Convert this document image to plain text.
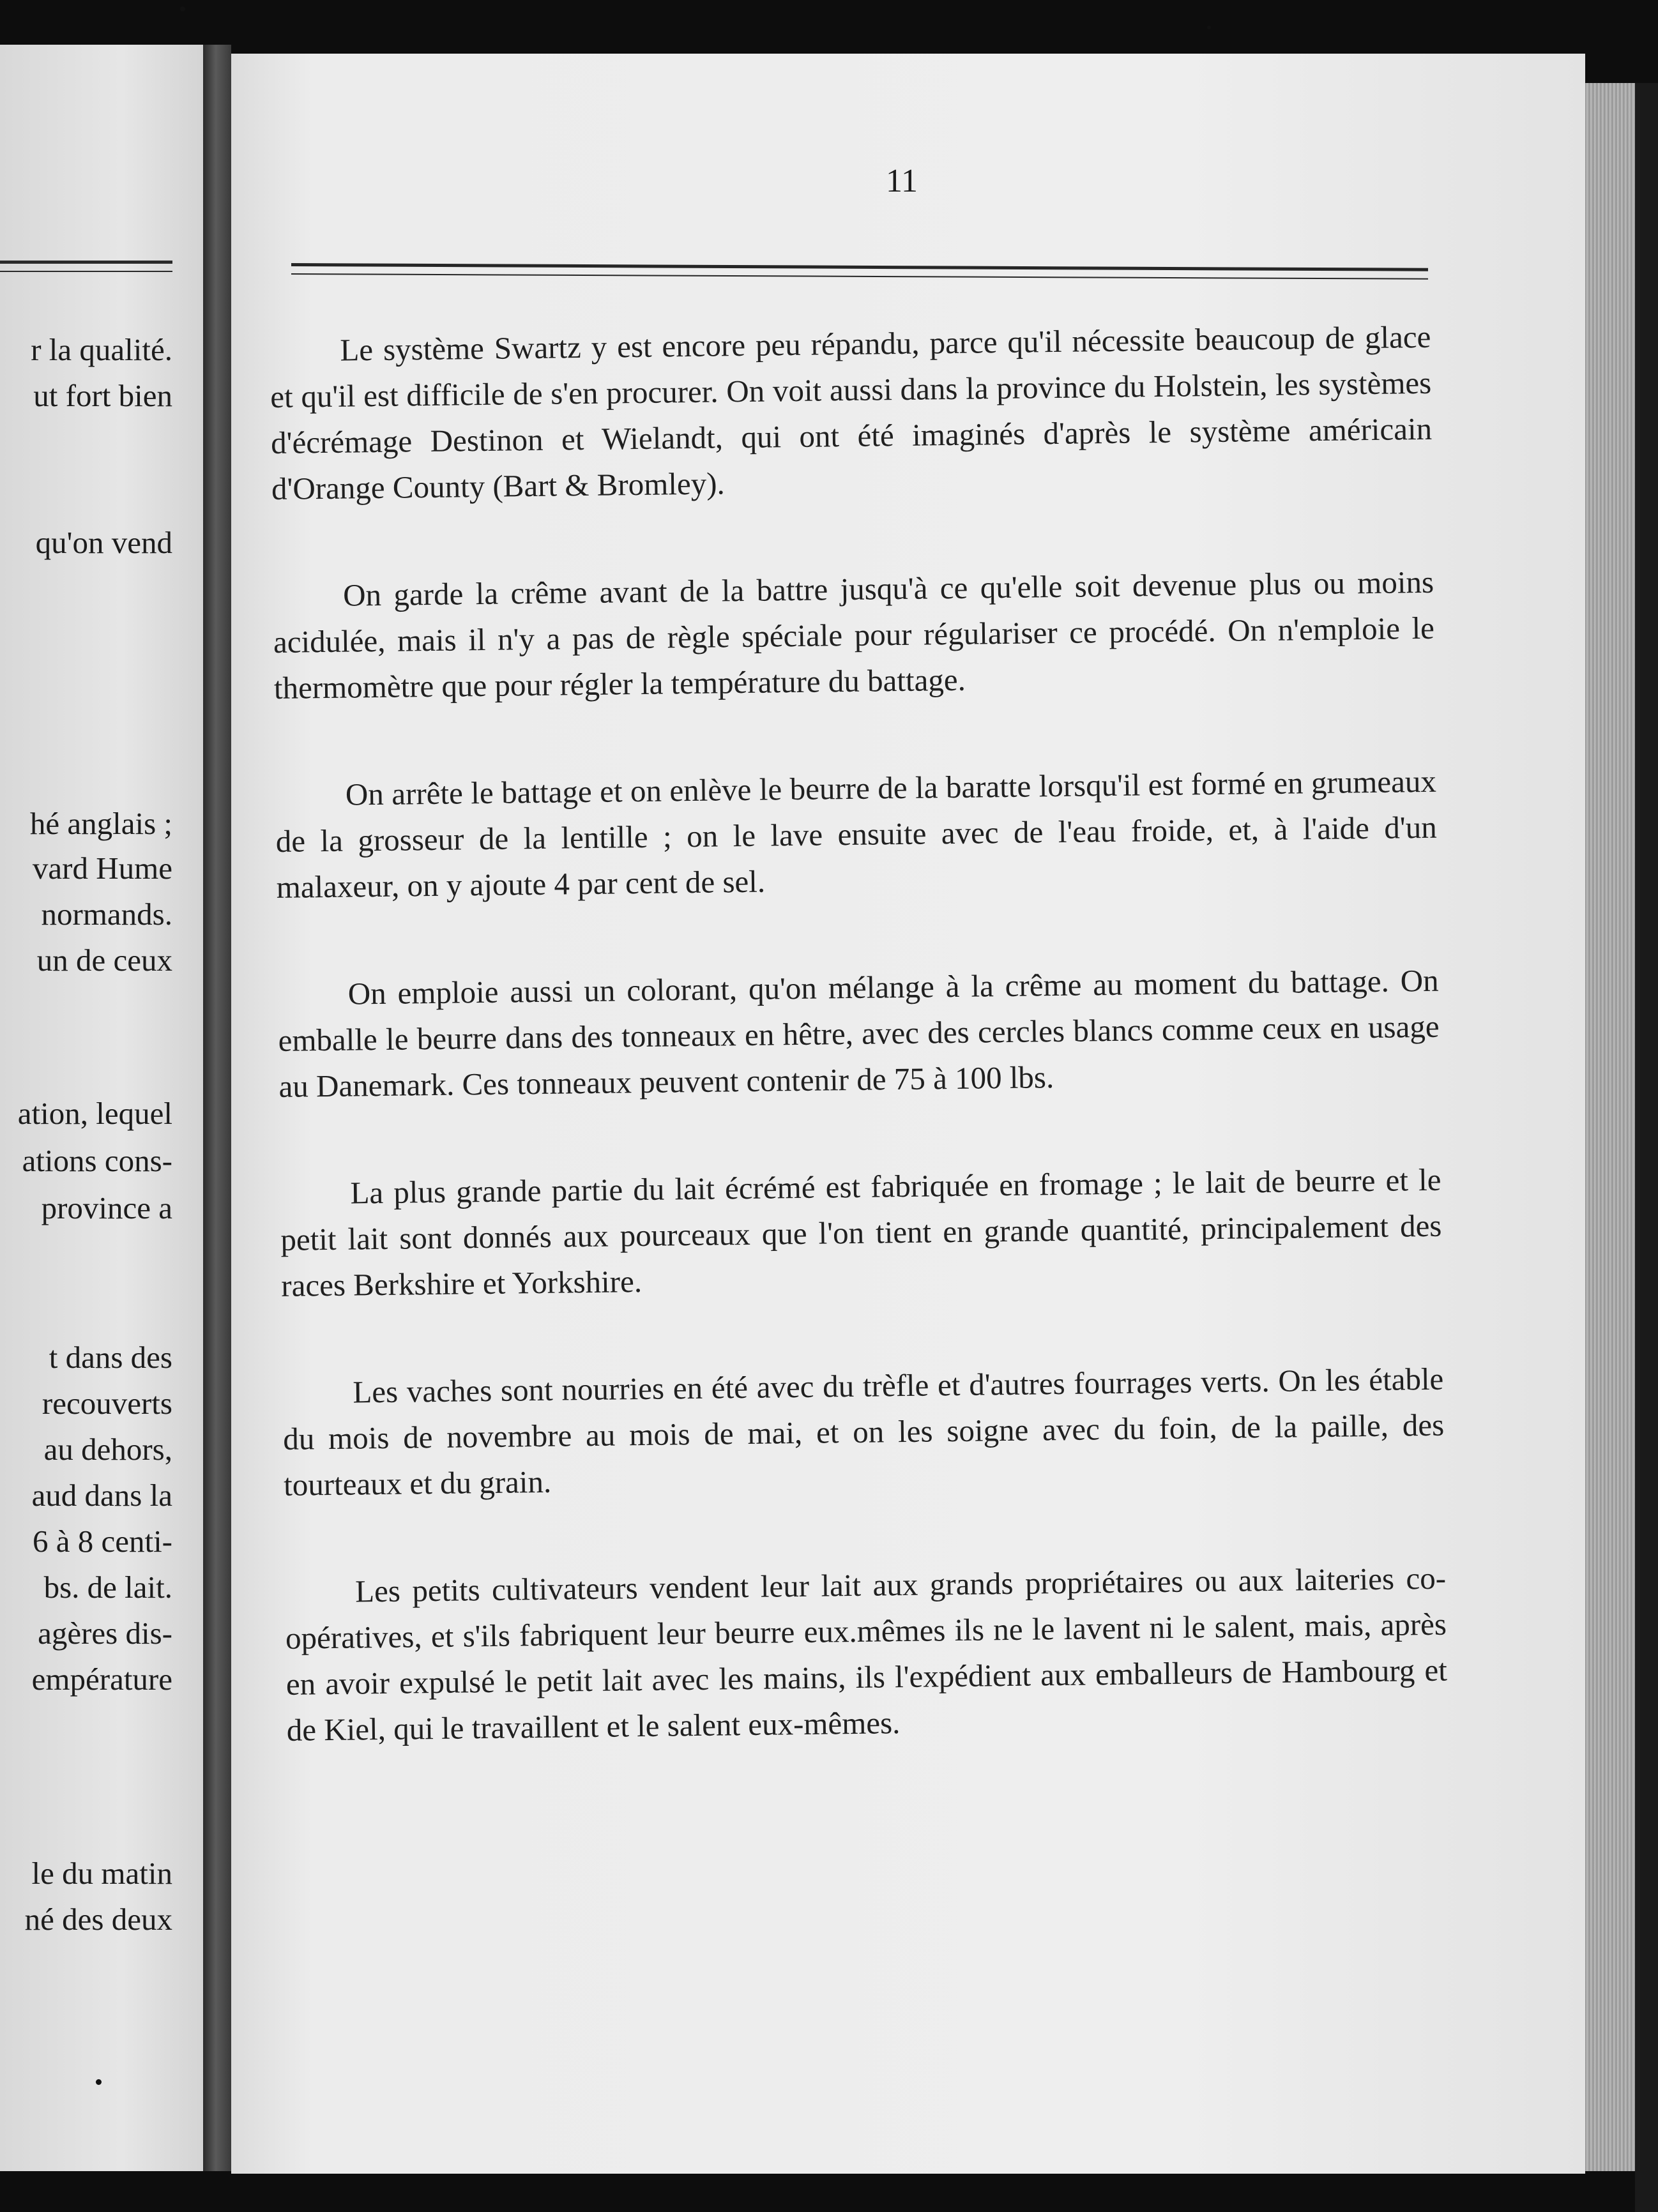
r la qualité.
ut fort bien
qu'on vend
hé anglais ;
vard Hume
normands.
un de ceux
ation, lequel
ations cons-
province a
t dans des
recouverts
au dehors,
aud dans la
6 à 8 centi-
bs. de lait.
agères dis-
empérature
le du matin
né des deux
11

Le système Swartz y est encore peu répandu, parce qu'il nécessite beaucoup de glace et qu'il est difficile de s'en procurer. On voit aussi dans la province du Holstein, les systèmes d'écrémage Destinon et Wielandt, qui ont été imaginés d'après le système américain d'Orange County (Bart & Bromley).

On garde la crême avant de la battre jusqu'à ce qu'elle soit devenue plus ou moins acidulée, mais il n'y a pas de règle spéciale pour régulariser ce procédé. On n'emploie le thermomètre que pour régler la température du battage.

On arrête le battage et on enlève le beurre de la baratte lorsqu'il est formé en grumeaux de la grosseur de la lentille ; on le lave ensuite avec de l'eau froide, et, à l'aide d'un malaxeur, on y ajoute 4 par cent de sel.

On emploie aussi un colorant, qu'on mélange à la crême au moment du battage. On emballe le beurre dans des tonneaux en hêtre, avec des cercles blancs comme ceux en usage au Danemark. Ces tonneaux peuvent contenir de 75 à 100 lbs.

La plus grande partie du lait écrémé est fabriquée en fromage ; le lait de beurre et le petit lait sont donnés aux pourceaux que l'on tient en grande quantité, principalement des races Berkshire et Yorkshire.

Les vaches sont nourries en été avec du trèfle et d'autres fourrages verts. On les étable du mois de novembre au mois de mai, et on les soigne avec du foin, de la paille, des tourteaux et du grain.

Les petits cultivateurs vendent leur lait aux grands propriétaires ou aux laiteries co-opératives, et s'ils fabriquent leur beurre eux.mêmes ils ne le lavent ni le salent, mais, après en avoir expulsé le petit lait avec les mains, ils l'expédient aux emballeurs de Hambourg et de Kiel, qui le travaillent et le salent eux-mêmes.
